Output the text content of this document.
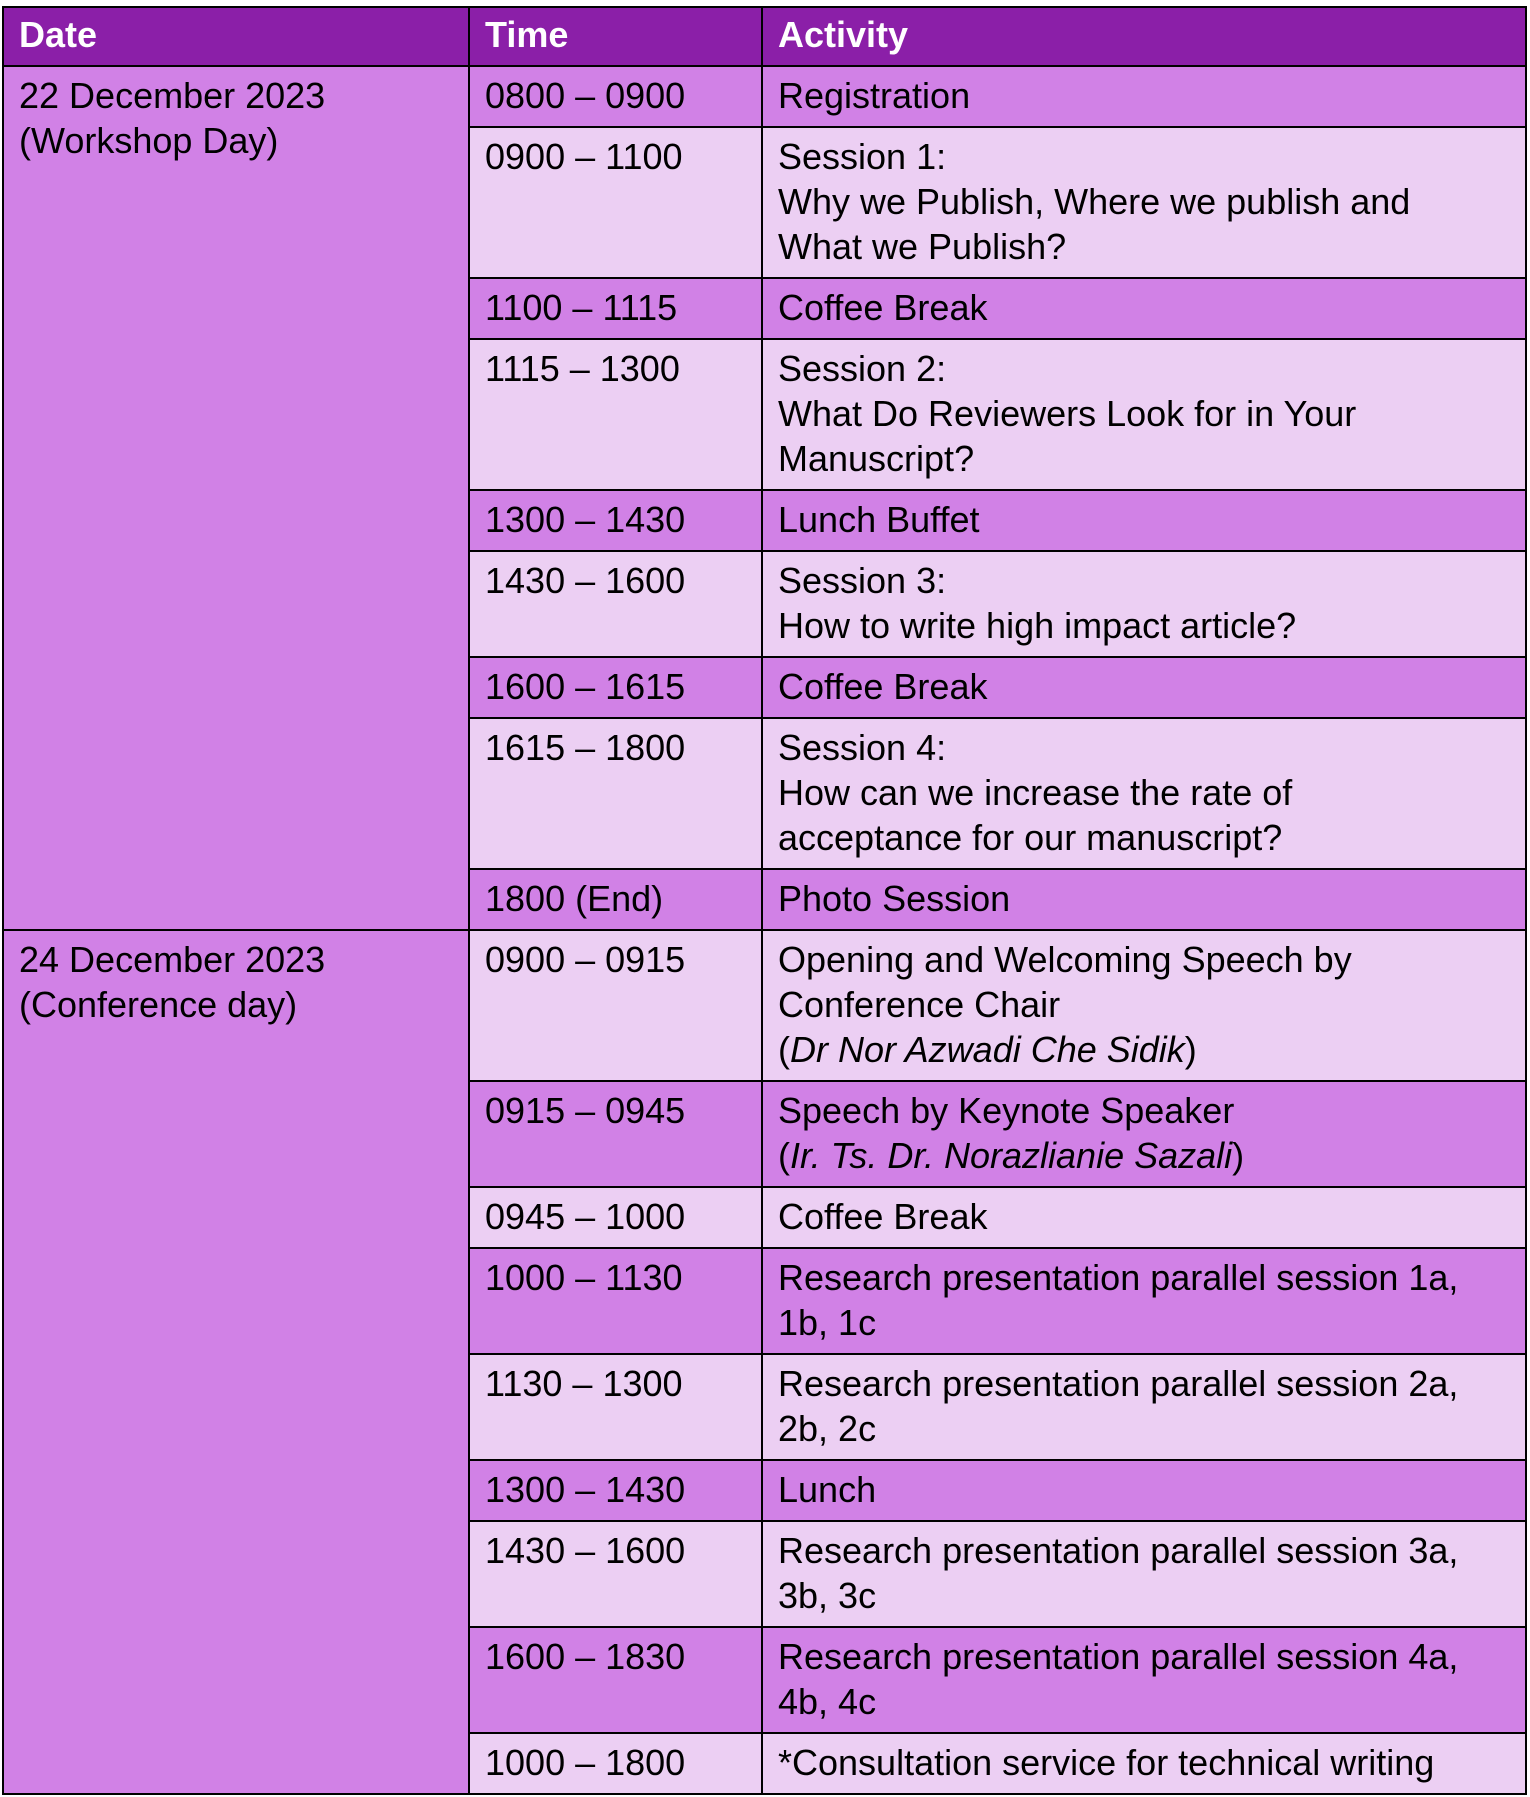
Date	Time	Activity

22 December 2023
(Workshop Day)	0800 – 0900	Registration

	0900 – 1100	Session 1:
Why we Publish, Where we publish and
What we Publish?

	1100 – 1115	Coffee Break

	1115 – 1300	Session 2:
What Do Reviewers Look for in Your
Manuscript?

	1300 – 1430	Lunch Buffet

	1430 – 1600	Session 3:
How to write high impact article?

	1600 – 1615	Coffee Break

	1615 – 1800	Session 4:
How can we increase the rate of
acceptance for our manuscript?

	1800 (End)	Photo Session

24 December 2023
(Conference day)	0900 – 0915	Opening and Welcoming Speech by
Conference Chair
(Dr Nor Azwadi Che Sidik)

	0915 – 0945	Speech by Keynote Speaker
(Ir. Ts. Dr. Norazlianie Sazali)

	0945 – 1000	Coffee Break

	1000 – 1130	Research presentation parallel session 1a,
1b, 1c

	1130 – 1300	Research presentation parallel session 2a,
2b, 2c

	1300 – 1430	Lunch

	1430 – 1600	Research presentation parallel session 3a,
3b, 3c

	1600 – 1830	Research presentation parallel session 4a,
4b, 4c

	1000 – 1800	*Consultation service for technical writing
